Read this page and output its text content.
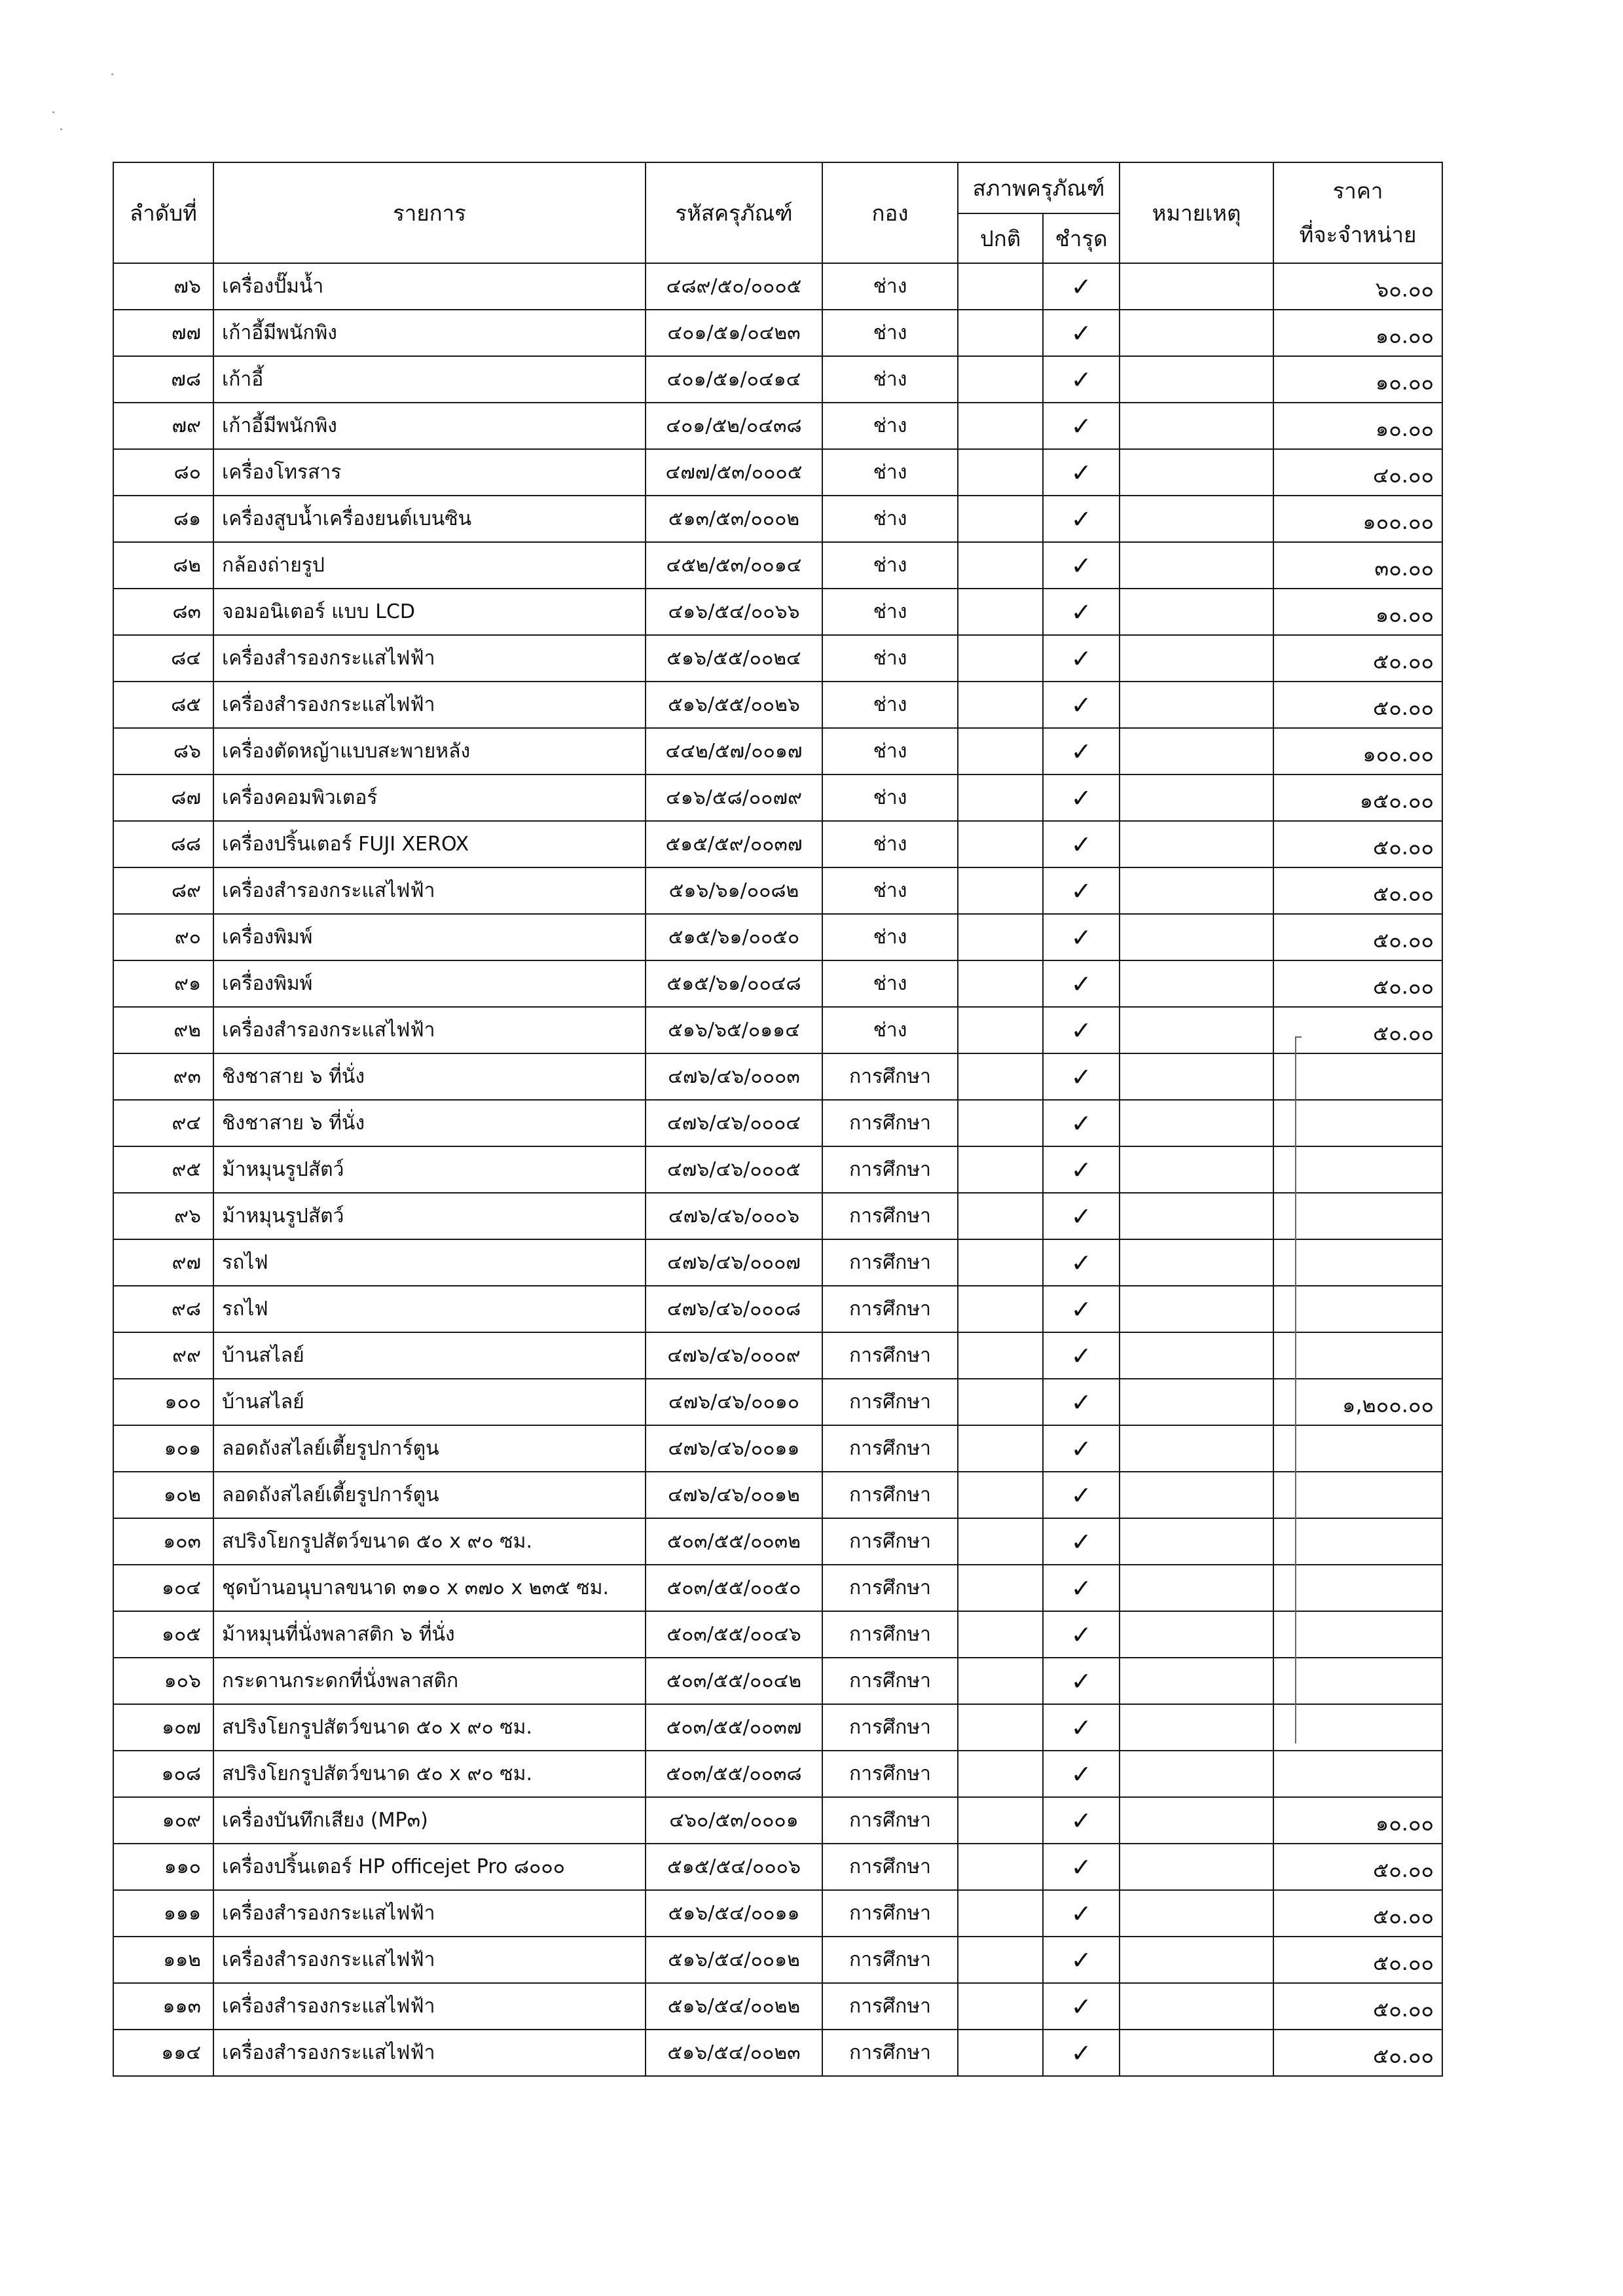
ลำดับที่	รายการ	รหัสครุภัณฑ์	กอง	สภาพครุภัณฑ์		หมายเหตุ	ราคา
ที่จะจำหน่าย

				ปกติ	ชำรุด		
๗๖	เครื่องปั๊มน้ำ	๔๘๙/๕๐/๐๐๐๕	ช่าง		✓		๖๐.๐๐
๗๗	เก้าอี้มีพนักพิง	๔๐๑/๕๑/๐๔๒๓	ช่าง		✓		๑๐.๐๐
๗๘	เก้าอี้	๔๐๑/๕๑/๐๔๑๔	ช่าง		✓		๑๐.๐๐
๗๙	เก้าอี้มีพนักพิง	๔๐๑/๕๒/๐๔๓๘	ช่าง		✓		๑๐.๐๐
๘๐	เครื่องโทรสาร	๔๗๗/๕๓/๐๐๐๕	ช่าง		✓		๔๐.๐๐
๘๑	เครื่องสูบน้ำเครื่องยนต์เบนซิน	๕๑๓/๕๓/๐๐๐๒	ช่าง		✓		๑๐๐.๐๐
๘๒	กล้องถ่ายรูป	๔๕๒/๕๓/๐๐๑๔	ช่าง		✓		๓๐.๐๐
๘๓	จอมอนิเตอร์ แบบ LCD	๔๑๖/๕๔/๐๐๖๖	ช่าง		✓		๑๐.๐๐
๘๔	เครื่องสำรองกระแสไฟฟ้า	๕๑๖/๕๕/๐๐๒๔	ช่าง		✓		๕๐.๐๐
๘๕	เครื่องสำรองกระแสไฟฟ้า	๕๑๖/๕๕/๐๐๒๖	ช่าง		✓		๕๐.๐๐
๘๖	เครื่องตัดหญ้าแบบสะพายหลัง	๔๔๒/๕๗/๐๐๑๗	ช่าง		✓		๑๐๐.๐๐
๘๗	เครื่องคอมพิวเตอร์	๔๑๖/๕๘/๐๐๗๙	ช่าง		✓		๑๕๐.๐๐
๘๘	เครื่องปริ้นเตอร์ FUJI XEROX	๕๑๕/๕๙/๐๐๓๗	ช่าง		✓		๕๐.๐๐
๘๙	เครื่องสำรองกระแสไฟฟ้า	๕๑๖/๖๑/๐๐๘๒	ช่าง		✓		๕๐.๐๐
๙๐	เครื่องพิมพ์	๕๑๕/๖๑/๐๐๕๐	ช่าง		✓		๕๐.๐๐
๙๑	เครื่องพิมพ์	๕๑๕/๖๑/๐๐๔๘	ช่าง		✓		๕๐.๐๐
๙๒	เครื่องสำรองกระแสไฟฟ้า	๕๑๖/๖๕/๐๑๑๔	ช่าง		✓		๕๐.๐๐
๙๓	ชิงชาสาย ๖ ที่นั่ง	๔๗๖/๔๖/๐๐๐๓	การศึกษา		✓		
๙๔	ชิงชาสาย ๖ ที่นั่ง	๔๗๖/๔๖/๐๐๐๔	การศึกษา		✓		
๙๕	ม้าหมุนรูปสัตว์	๔๗๖/๔๖/๐๐๐๕	การศึกษา		✓		
๙๖	ม้าหมุนรูปสัตว์	๔๗๖/๔๖/๐๐๐๖	การศึกษา		✓		
๙๗	รถไฟ	๔๗๖/๔๖/๐๐๐๗	การศึกษา		✓		
๙๘	รถไฟ	๔๗๖/๔๖/๐๐๐๘	การศึกษา		✓		
๙๙	บ้านสไลย์	๔๗๖/๔๖/๐๐๐๙	การศึกษา		✓		
๑๐๐	บ้านสไลย์	๔๗๖/๔๖/๐๐๑๐	การศึกษา		✓		๑,๒๐๐.๐๐
๑๐๑	ลอดถังสไลย์เตี้ยรูปการ์ตูน	๔๗๖/๔๖/๐๐๑๑	การศึกษา		✓		
๑๐๒	ลอดถังสไลย์เตี้ยรูปการ์ตูน	๔๗๖/๔๖/๐๐๑๒	การศึกษา		✓		
๑๐๓	สปริงโยกรูปสัตว์ขนาด ๕๐ x ๙๐ ซม.	๕๐๓/๕๕/๐๐๓๒	การศึกษา		✓		
๑๐๔	ชุดบ้านอนุบาลขนาด ๓๑๐ x ๓๗๐ x ๒๓๕ ซม.	๕๐๓/๕๕/๐๐๕๐	การศึกษา		✓		
๑๐๕	ม้าหมุนที่นั่งพลาสติก ๖ ที่นั่ง	๕๐๓/๕๕/๐๐๔๖	การศึกษา		✓		
๑๐๖	กระดานกระดกที่นั่งพลาสติก	๕๐๓/๕๕/๐๐๔๒	การศึกษา		✓		
๑๐๗	สปริงโยกรูปสัตว์ขนาด ๕๐ x ๙๐ ซม.	๕๐๓/๕๕/๐๐๓๗	การศึกษา		✓		
๑๐๘	สปริงโยกรูปสัตว์ขนาด ๕๐ x ๙๐ ซม.	๕๐๓/๕๕/๐๐๓๘	การศึกษา		✓		
๑๐๙	เครื่องบันทึกเสียง (MP๓)	๔๖๐/๕๓/๐๐๐๑	การศึกษา		✓		๑๐.๐๐
๑๑๐	เครื่องปริ้นเตอร์ HP officejet Pro ๘๐๐๐	๕๑๕/๕๔/๐๐๐๖	การศึกษา		✓		๕๐.๐๐
๑๑๑	เครื่องสำรองกระแสไฟฟ้า	๕๑๖/๕๔/๐๐๑๑	การศึกษา		✓		๕๐.๐๐
๑๑๒	เครื่องสำรองกระแสไฟฟ้า	๕๑๖/๕๔/๐๐๑๒	การศึกษา		✓		๕๐.๐๐
๑๑๓	เครื่องสำรองกระแสไฟฟ้า	๕๑๖/๕๔/๐๐๒๒	การศึกษา		✓		๕๐.๐๐
๑๑๔	เครื่องสำรองกระแสไฟฟ้า	๕๑๖/๕๔/๐๐๒๓	การศึกษา		✓		๕๐.๐๐
